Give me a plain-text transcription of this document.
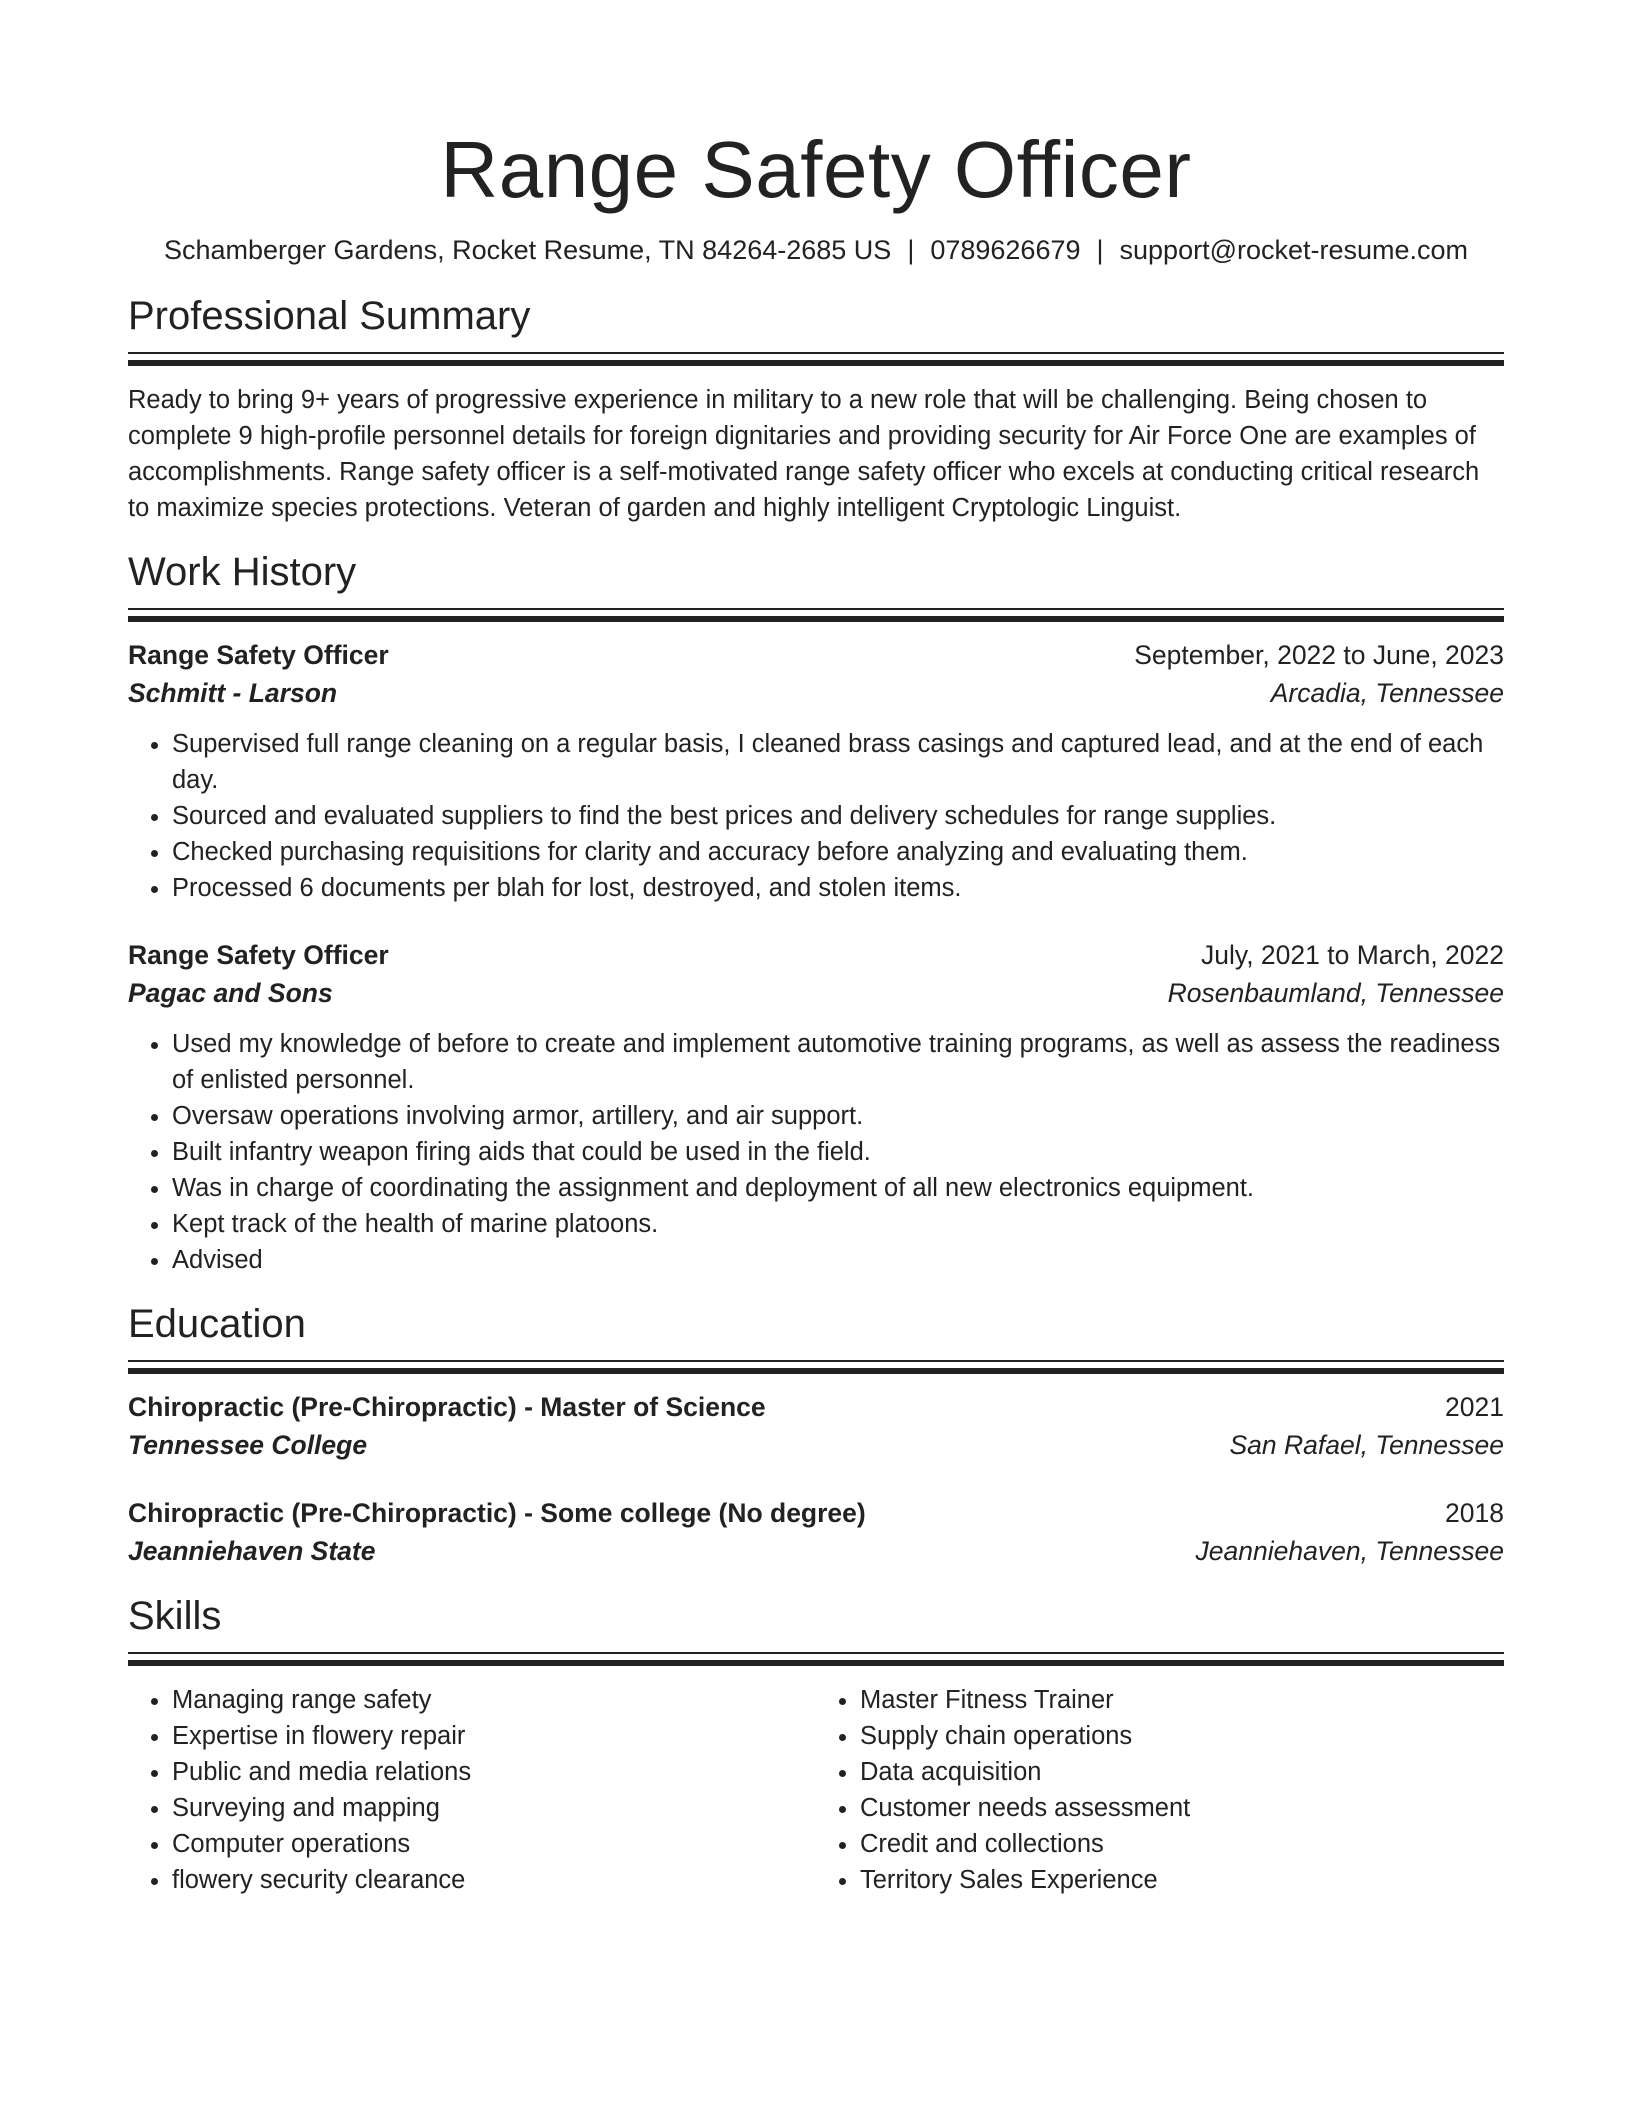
Range Safety Officer
Schamberger Gardens, Rocket Resume, TN 84264-2685 US | 0789626679 | support@rocket-resume.com
Professional Summary

Ready to bring 9+ years of progressive experience in military to a new role that will be challenging. Being chosen to complete 9 high-profile personnel details for foreign dignitaries and providing security for Air Force One are examples of accomplishments. Range safety officer is a self-motivated range safety officer who excels at conducting critical research to maximize species protections. Veteran of garden and highly intelligent Cryptologic Linguist.

Work History
Range Safety Officer	September, 2022 to June, 2023
Schmitt - Larson	Arcadia, Tennessee
• Supervised full range cleaning on a regular basis, I cleaned brass casings and captured lead, and at the end of each day.
• Sourced and evaluated suppliers to find the best prices and delivery schedules for range supplies.
• Checked purchasing requisitions for clarity and accuracy before analyzing and evaluating them.
• Processed 6 documents per blah for lost, destroyed, and stolen items.
Range Safety Officer	July, 2021 to March, 2022
Pagac and Sons	Rosenbaumland, Tennessee
• Used my knowledge of before to create and implement automotive training programs, as well as assess the readiness of enlisted personnel.
• Oversaw operations involving armor, artillery, and air support.
• Built infantry weapon firing aids that could be used in the field.
• Was in charge of coordinating the assignment and deployment of all new electronics equipment.
• Kept track of the health of marine platoons.
• Advised
Education
Chiropractic (Pre-Chiropractic) - Master of Science	2021
Tennessee College	San Rafael, Tennessee
Chiropractic (Pre-Chiropractic) - Some college (No degree)	2018
Jeanniehaven State	Jeanniehaven, Tennessee
Skills
• Managing range safety
• Expertise in flowery repair
• Public and media relations
• Surveying and mapping
• Computer operations
• flowery security clearance
• Master Fitness Trainer
• Supply chain operations
• Data acquisition
• Customer needs assessment
• Credit and collections
• Territory Sales Experience
